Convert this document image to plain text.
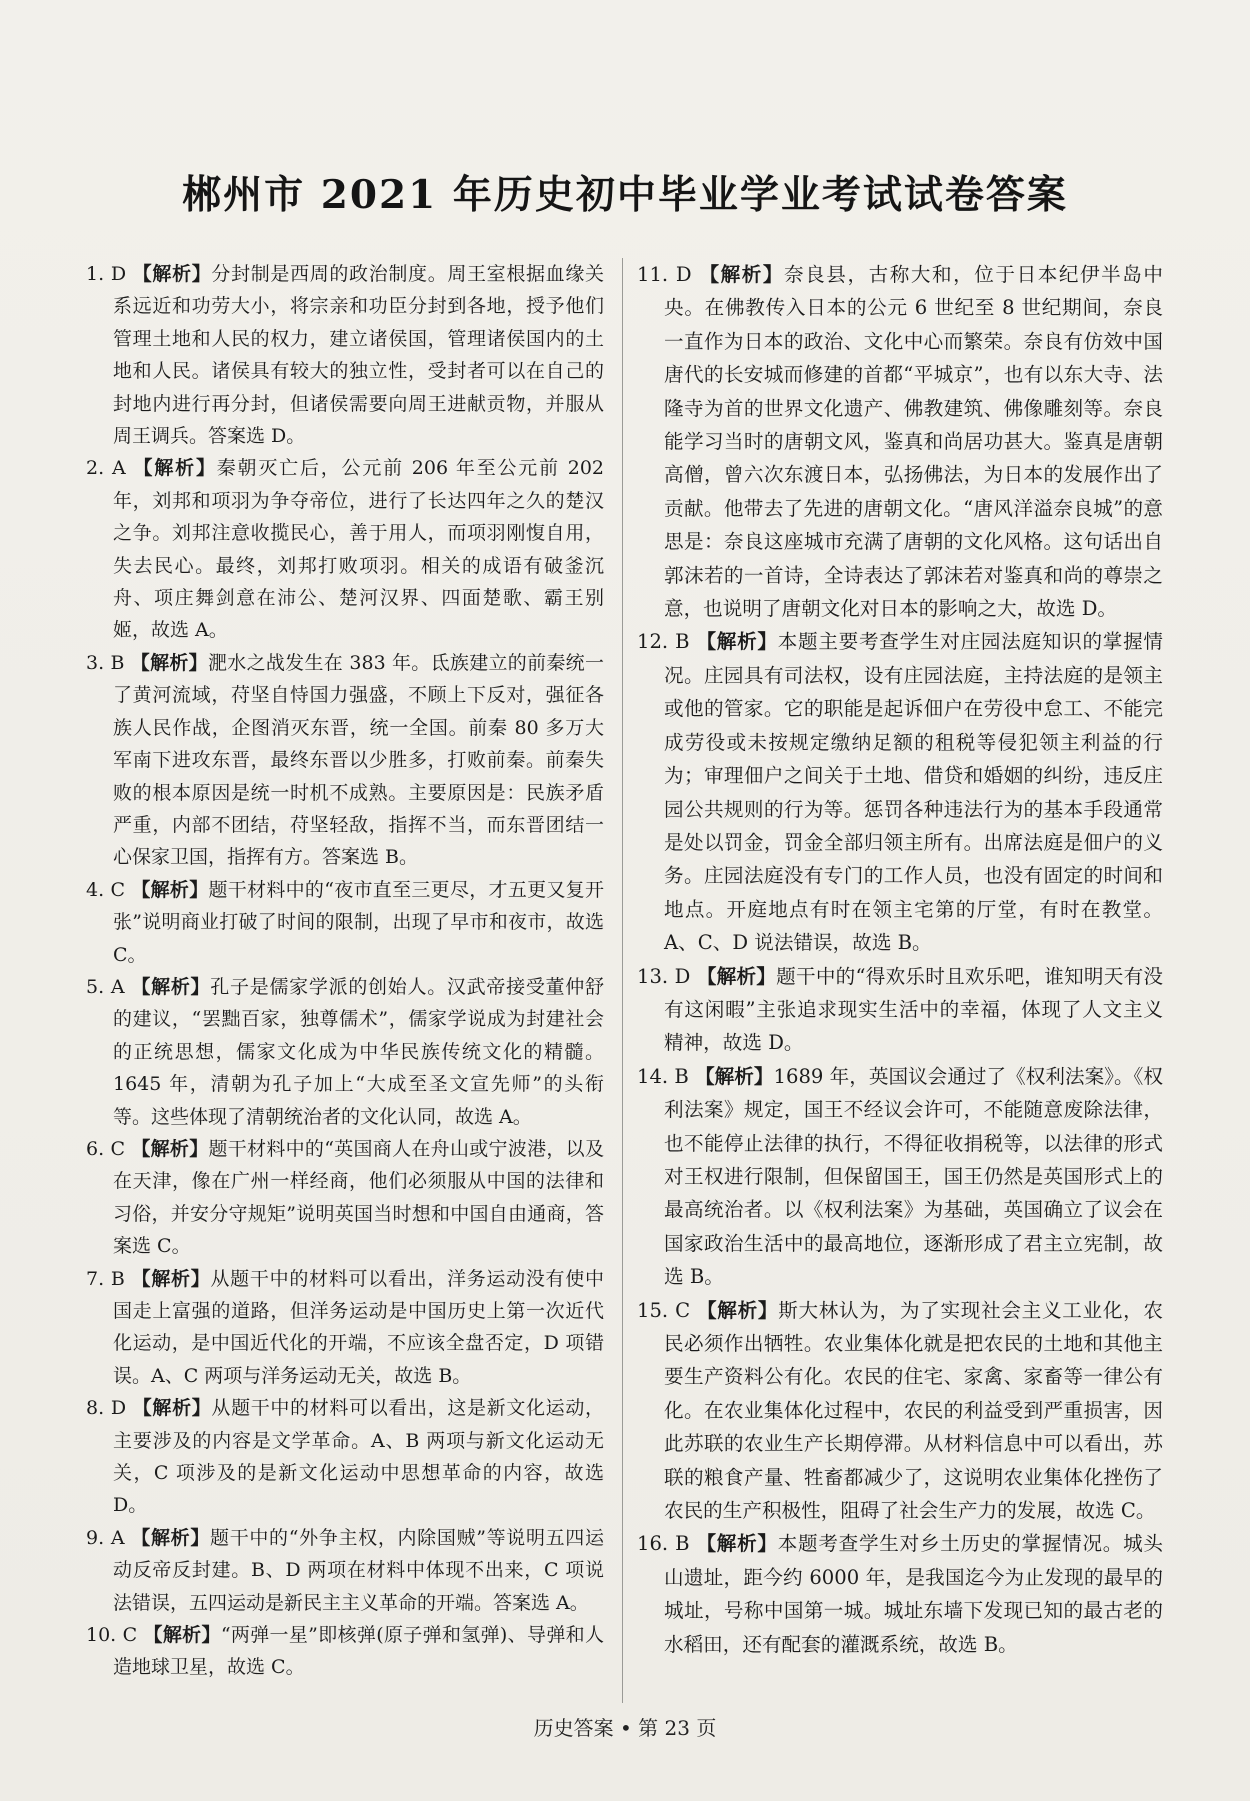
郴州市 2021 年历史初中毕业学业考试试卷答案

1. D 【解析】分封制是西周的政治制度。周王室根据血缘关系远近和功劳大小，将宗亲和功臣分封到各地，授予他们管理土地和人民的权力，建立诸侯国，管理诸侯国内的土地和人民。诸侯具有较大的独立性，受封者可以在自己的封地内进行再分封，但诸侯需要向周王进献贡物，并服从周王调兵。答案选 D。

2. A 【解析】秦朝灭亡后，公元前 206 年至公元前 202 年，刘邦和项羽为争夺帝位，进行了长达四年之久的楚汉之争。刘邦注意收揽民心，善于用人，而项羽刚愎自用，失去民心。最终，刘邦打败项羽。相关的成语有破釜沉舟、项庄舞剑意在沛公、楚河汉界、四面楚歌、霸王别姬，故选 A。

3. B 【解析】淝水之战发生在 383 年。氐族建立的前秦统一了黄河流域，苻坚自恃国力强盛，不顾上下反对，强征各族人民作战，企图消灭东晋，统一全国。前秦 80 多万大军南下进攻东晋，最终东晋以少胜多，打败前秦。前秦失败的根本原因是统一时机不成熟。主要原因是：民族矛盾严重，内部不团结，苻坚轻敌，指挥不当，而东晋团结一心保家卫国，指挥有方。答案选 B。

4. C 【解析】题干材料中的“夜市直至三更尽，才五更又复开张”说明商业打破了时间的限制，出现了早市和夜市，故选 C。

5. A 【解析】孔子是儒家学派的创始人。汉武帝接受董仲舒的建议，“罢黜百家，独尊儒术”，儒家学说成为封建社会的正统思想，儒家文化成为中华民族传统文化的精髓。1645 年，清朝为孔子加上“大成至圣文宣先师”的头衔等。这些体现了清朝统治者的文化认同，故选 A。

6. C 【解析】题干材料中的“英国商人在舟山或宁波港，以及在天津，像在广州一样经商，他们必须服从中国的法律和习俗，并安分守规矩”说明英国当时想和中国自由通商，答案选 C。

7. B 【解析】从题干中的材料可以看出，洋务运动没有使中国走上富强的道路，但洋务运动是中国历史上第一次近代化运动，是中国近代化的开端，不应该全盘否定，D 项错误。A、C 两项与洋务运动无关，故选 B。

8. D 【解析】从题干中的材料可以看出，这是新文化运动，主要涉及的内容是文学革命。A、B 两项与新文化运动无关，C 项涉及的是新文化运动中思想革命的内容，故选 D。

9. A 【解析】题干中的“外争主权，内除国贼”等说明五四运动反帝反封建。B、D 两项在材料中体现不出来，C 项说法错误，五四运动是新民主主义革命的开端。答案选 A。

10. C 【解析】“两弹一星”即核弹(原子弹和氢弹)、导弹和人造地球卫星，故选 C。

11. D 【解析】奈良县，古称大和，位于日本纪伊半岛中央。在佛教传入日本的公元 6 世纪至 8 世纪期间，奈良一直作为日本的政治、文化中心而繁荣。奈良有仿效中国唐代的长安城而修建的首都“平城京”，也有以东大寺、法隆寺为首的世界文化遗产、佛教建筑、佛像雕刻等。奈良能学习当时的唐朝文风，鉴真和尚居功甚大。鉴真是唐朝高僧，曾六次东渡日本，弘扬佛法，为日本的发展作出了贡献。他带去了先进的唐朝文化。“唐风洋溢奈良城”的意思是：奈良这座城市充满了唐朝的文化风格。这句话出自郭沫若的一首诗，全诗表达了郭沫若对鉴真和尚的尊崇之意，也说明了唐朝文化对日本的影响之大，故选 D。

12. B 【解析】本题主要考查学生对庄园法庭知识的掌握情况。庄园具有司法权，设有庄园法庭，主持法庭的是领主或他的管家。它的职能是起诉佃户在劳役中怠工、不能完成劳役或未按规定缴纳足额的租税等侵犯领主利益的行为；审理佃户之间关于土地、借贷和婚姻的纠纷，违反庄园公共规则的行为等。惩罚各种违法行为的基本手段通常是处以罚金，罚金全部归领主所有。出席法庭是佃户的义务。庄园法庭没有专门的工作人员，也没有固定的时间和地点。开庭地点有时在领主宅第的厅堂，有时在教堂。A、C、D 说法错误，故选 B。

13. D 【解析】题干中的“得欢乐时且欢乐吧，谁知明天有没有这闲暇”主张追求现实生活中的幸福，体现了人文主义精神，故选 D。

14. B 【解析】1689 年，英国议会通过了《权利法案》。《权利法案》规定，国王不经议会许可，不能随意废除法律，也不能停止法律的执行，不得征收捐税等，以法律的形式对王权进行限制，但保留国王，国王仍然是英国形式上的最高统治者。以《权利法案》为基础，英国确立了议会在国家政治生活中的最高地位，逐渐形成了君主立宪制，故选 B。

15. C 【解析】斯大林认为，为了实现社会主义工业化，农民必须作出牺牲。农业集体化就是把农民的土地和其他主要生产资料公有化。农民的住宅、家禽、家畜等一律公有化。在农业集体化过程中，农民的利益受到严重损害，因此苏联的农业生产长期停滞。从材料信息中可以看出，苏联的粮食产量、牲畜都减少了，这说明农业集体化挫伤了农民的生产积极性，阻碍了社会生产力的发展，故选 C。

16. B 【解析】本题考查学生对乡土历史的掌握情况。城头山遗址，距今约 6000 年，是我国迄今为止发现的最早的城址，号称中国第一城。城址东墙下发现已知的最古老的水稻田，还有配套的灌溉系统，故选 B。

历史答案 • 第 23 页
